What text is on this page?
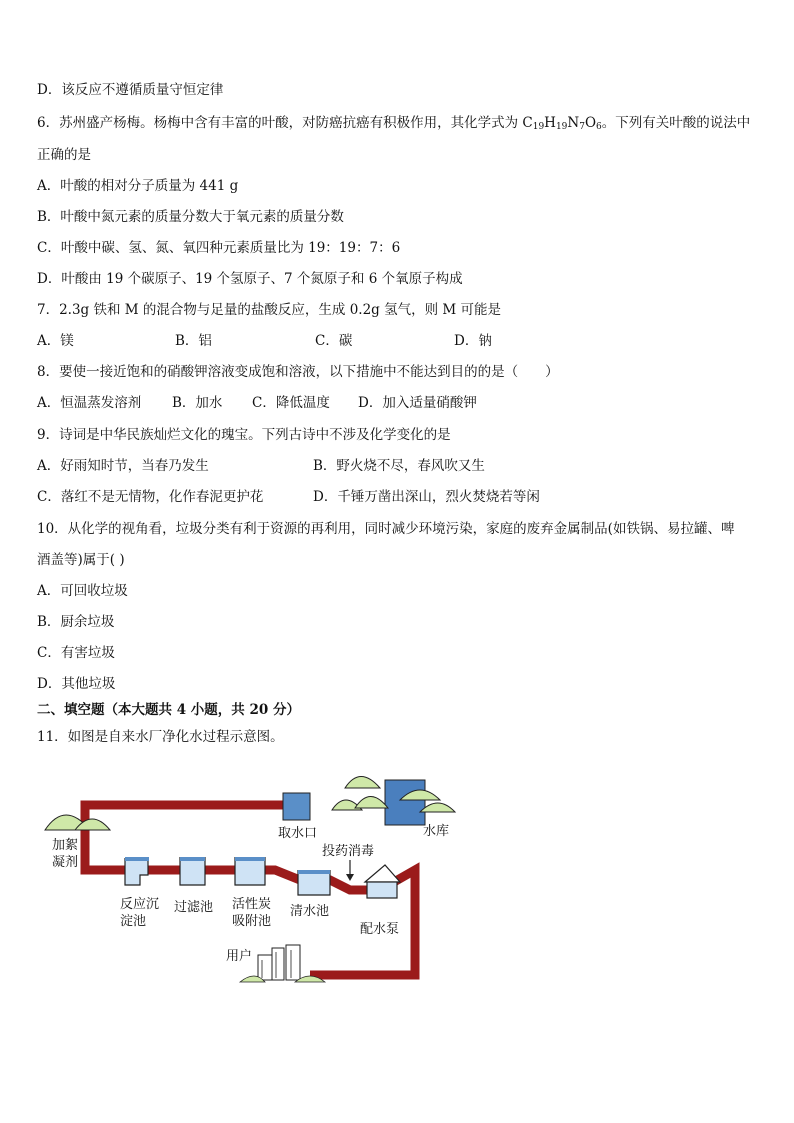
D．该反应不遵循质量守恒定律
6．苏州盛产杨梅。杨梅中含有丰富的叶酸，对防癌抗癌有积极作用，其化学式为 $C_{19}H_{19}N_7O_6$。下列有关叶酸的说法中
正确的是
A．叶酸的相对分子质量为 441 g
B．叶酸中氮元素的质量分数大于氧元素的质量分数
C．叶酸中碳、氢、氮、氧四种元素质量比为 19：19：7：6
D．叶酸由 19 个碳原子、19 个氢原子、7 个氮原子和 6 个氧原子构成
7．2.3g 铁和 M 的混合物与足量的盐酸反应，生成 0.2g 氢气，则 M 可能是
A．镁	B．铝	C．碳	D．钠
8．要使一接近饱和的硝酸钾溶液变成饱和溶液，以下措施中不能达到目的的是（　　）
A．恒温蒸发溶剂 B．加水 C．降低温度 D．加入适量硝酸钾
9．诗词是中华民族灿烂文化的瑰宝。下列古诗中不涉及化学变化的是
A．好雨知时节，当春乃发生	B．野火烧不尽，春风吹又生
C．落红不是无情物，化作春泥更护花	D．千锤万凿出深山，烈火焚烧若等闲
10．从化学的视角看，垃圾分类有利于资源的再利用，同时减少环境污染，家庭的废弃金属制品(如铁锅、易拉罐、啤
酒盖等)属于( )
A．可回收垃圾
B．厨余垃圾
C．有害垃圾
D．其他垃圾
二、填空题（本大题共 4 小题，共 20 分）
11．如图是自来水厂净化水过程示意图。
取水口	水库
加絮
凝剂
投药消毒
反应沉
淀池
过滤池 活性炭
吸附池
清水池
配水泵
用户
